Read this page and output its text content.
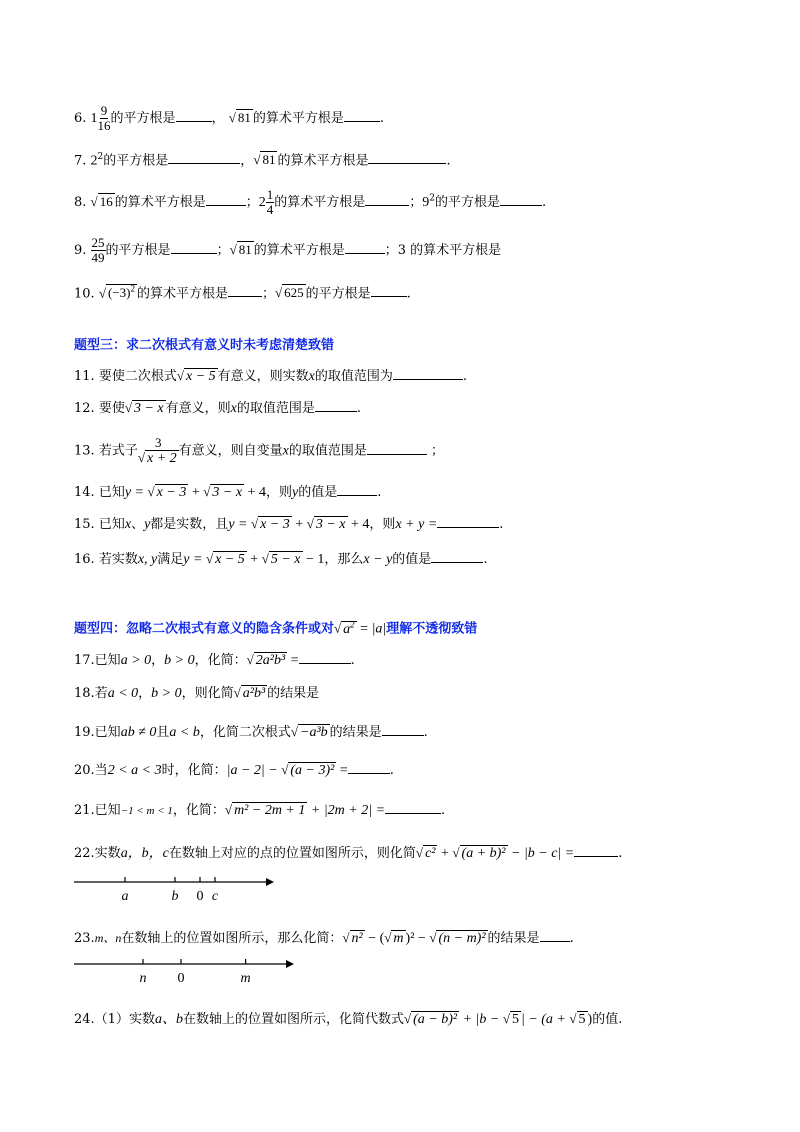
6. $1 \frac{9}{16}$ 的平方根是	， √ 81 的算术平方根是	.
7. $2^2$的平方根是	，√ 81 的算术平方根是	.
8. √ 16 的算术平方根是	；$2 \frac{1}{4}$ 的算术平方根是	；$9^2$的平方根是	.
9. $\frac{25}{49}$ 的平方根是	；√ 81 的算术平方根是	；3 的算术平方根是
10. √ $(-3)^2$ 的算术平方根是	；√ 625 的平方根是	.
题型三：求二次根式有意义时未考虑清楚致错
11. 要使二次根式√ x − 5 有意义，则实数x的取值范围为	.
12. 要使√ 3 − x 有意义，则x的取值范围是	.
13. 若式子 $\frac{3}{√ x + 2}$ 有意义，则自变量x的取值范围是	；
14. 已知y = √ x − 3 + √ 3 − x + 4，则y的值是	.
15. 已知x、y都是实数，且y = √ x − 3 + √ 3 − x + 4，则x + y =	.
16. 若实数x, y满足y = √ x − 5 + √ 5 − x − 1，那么x − y的值是	.
题型四：忽略二次根式有意义的隐含条件或对√ $a^2 = |a|$理解不透彻致错
17.已知a > 0，b > 0，化简：√ 2a²b³ =	.
18.若a < 0，b > 0，则化简√ a²b³ 的结果是
19.已知ab ≠ 0且a < b，化简二次根式√ −a³b 的结果是	.
20.当2 < a < 3时，化简：|a − 2| − √ (a − 3)² =	.
21.已知−1 < m < 1，化简：√ m² − 2m + 1 + |2m + 2| =	.
22.实数a，b，c在数轴上对应的点的位置如图所示，则化简√ c² + √ (a + b)² − |b − c| =	.
a	b 0 c
23.m、n在数轴上的位置如图所示，那么化简：√ n² − (√ m )² − √ (n − m)² 的结果是 .
n 0	m
24.（1）实数a、b在数轴上的位置如图所示，化简代数式√ (a − b)² + |b − √ 5 | − (a + √ 5 )的值.
